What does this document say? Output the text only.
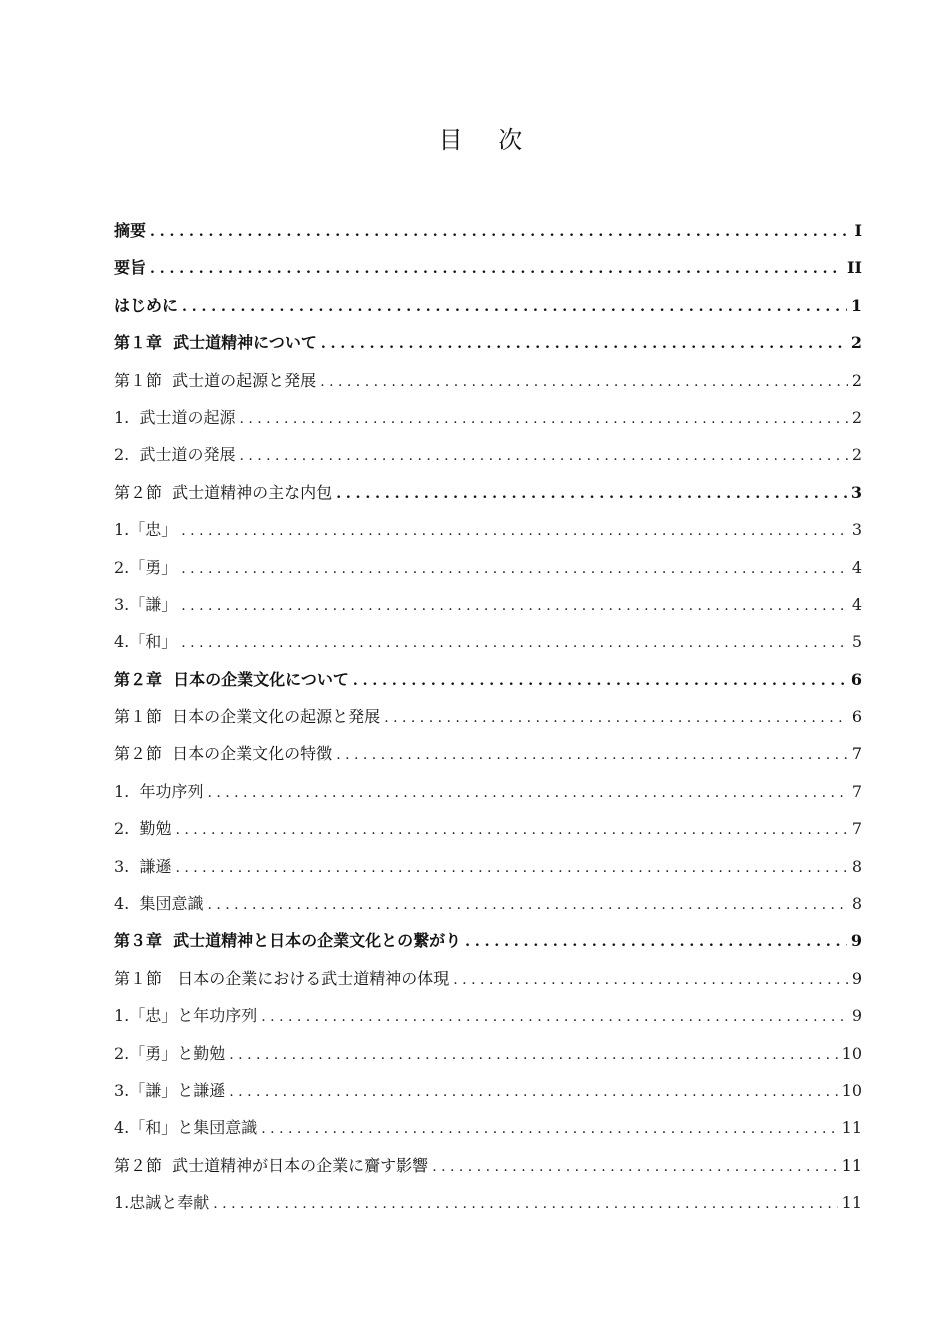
目 次
摘要 . . .	I
要旨 . . .	II
はじめに . . .	1
第１章  武士道精神について . . .	2
第１節  武士道の起源と発展 . . .	2
1.  武士道の起源 . . .	2
2.  武士道の発展 . . .	2
第２節  武士道精神の主な内包 . . .	3
1.「忠」 . . .	3
2.「勇」 . . .	4
3.「謙」 . . .	4
4.「和」 . . .	5
第２章  日本の企業文化について . . .	6
第１節  日本の企業文化の起源と発展 . . .	6
第２節  日本の企業文化の特徴 . . .	7
1.  年功序列 . . .	7
2.  勤勉 . . .	7
3.  謙遜 . . .	8
4.  集団意識 . . .	8
第３章  武士道精神と日本の企業文化との繋がり . . .	9
第１節   日本の企業における武士道精神の体現 . . .	9
1.「忠」と年功序列 . . .	9
2.「勇」と勤勉 . . .	10
3.「謙」と謙遜 . . .	10
4.「和」と集団意識 . . .	11
第２節  武士道精神が日本の企業に齎す影響 . . .	11
1.忠誠と奉献 . . .	11
